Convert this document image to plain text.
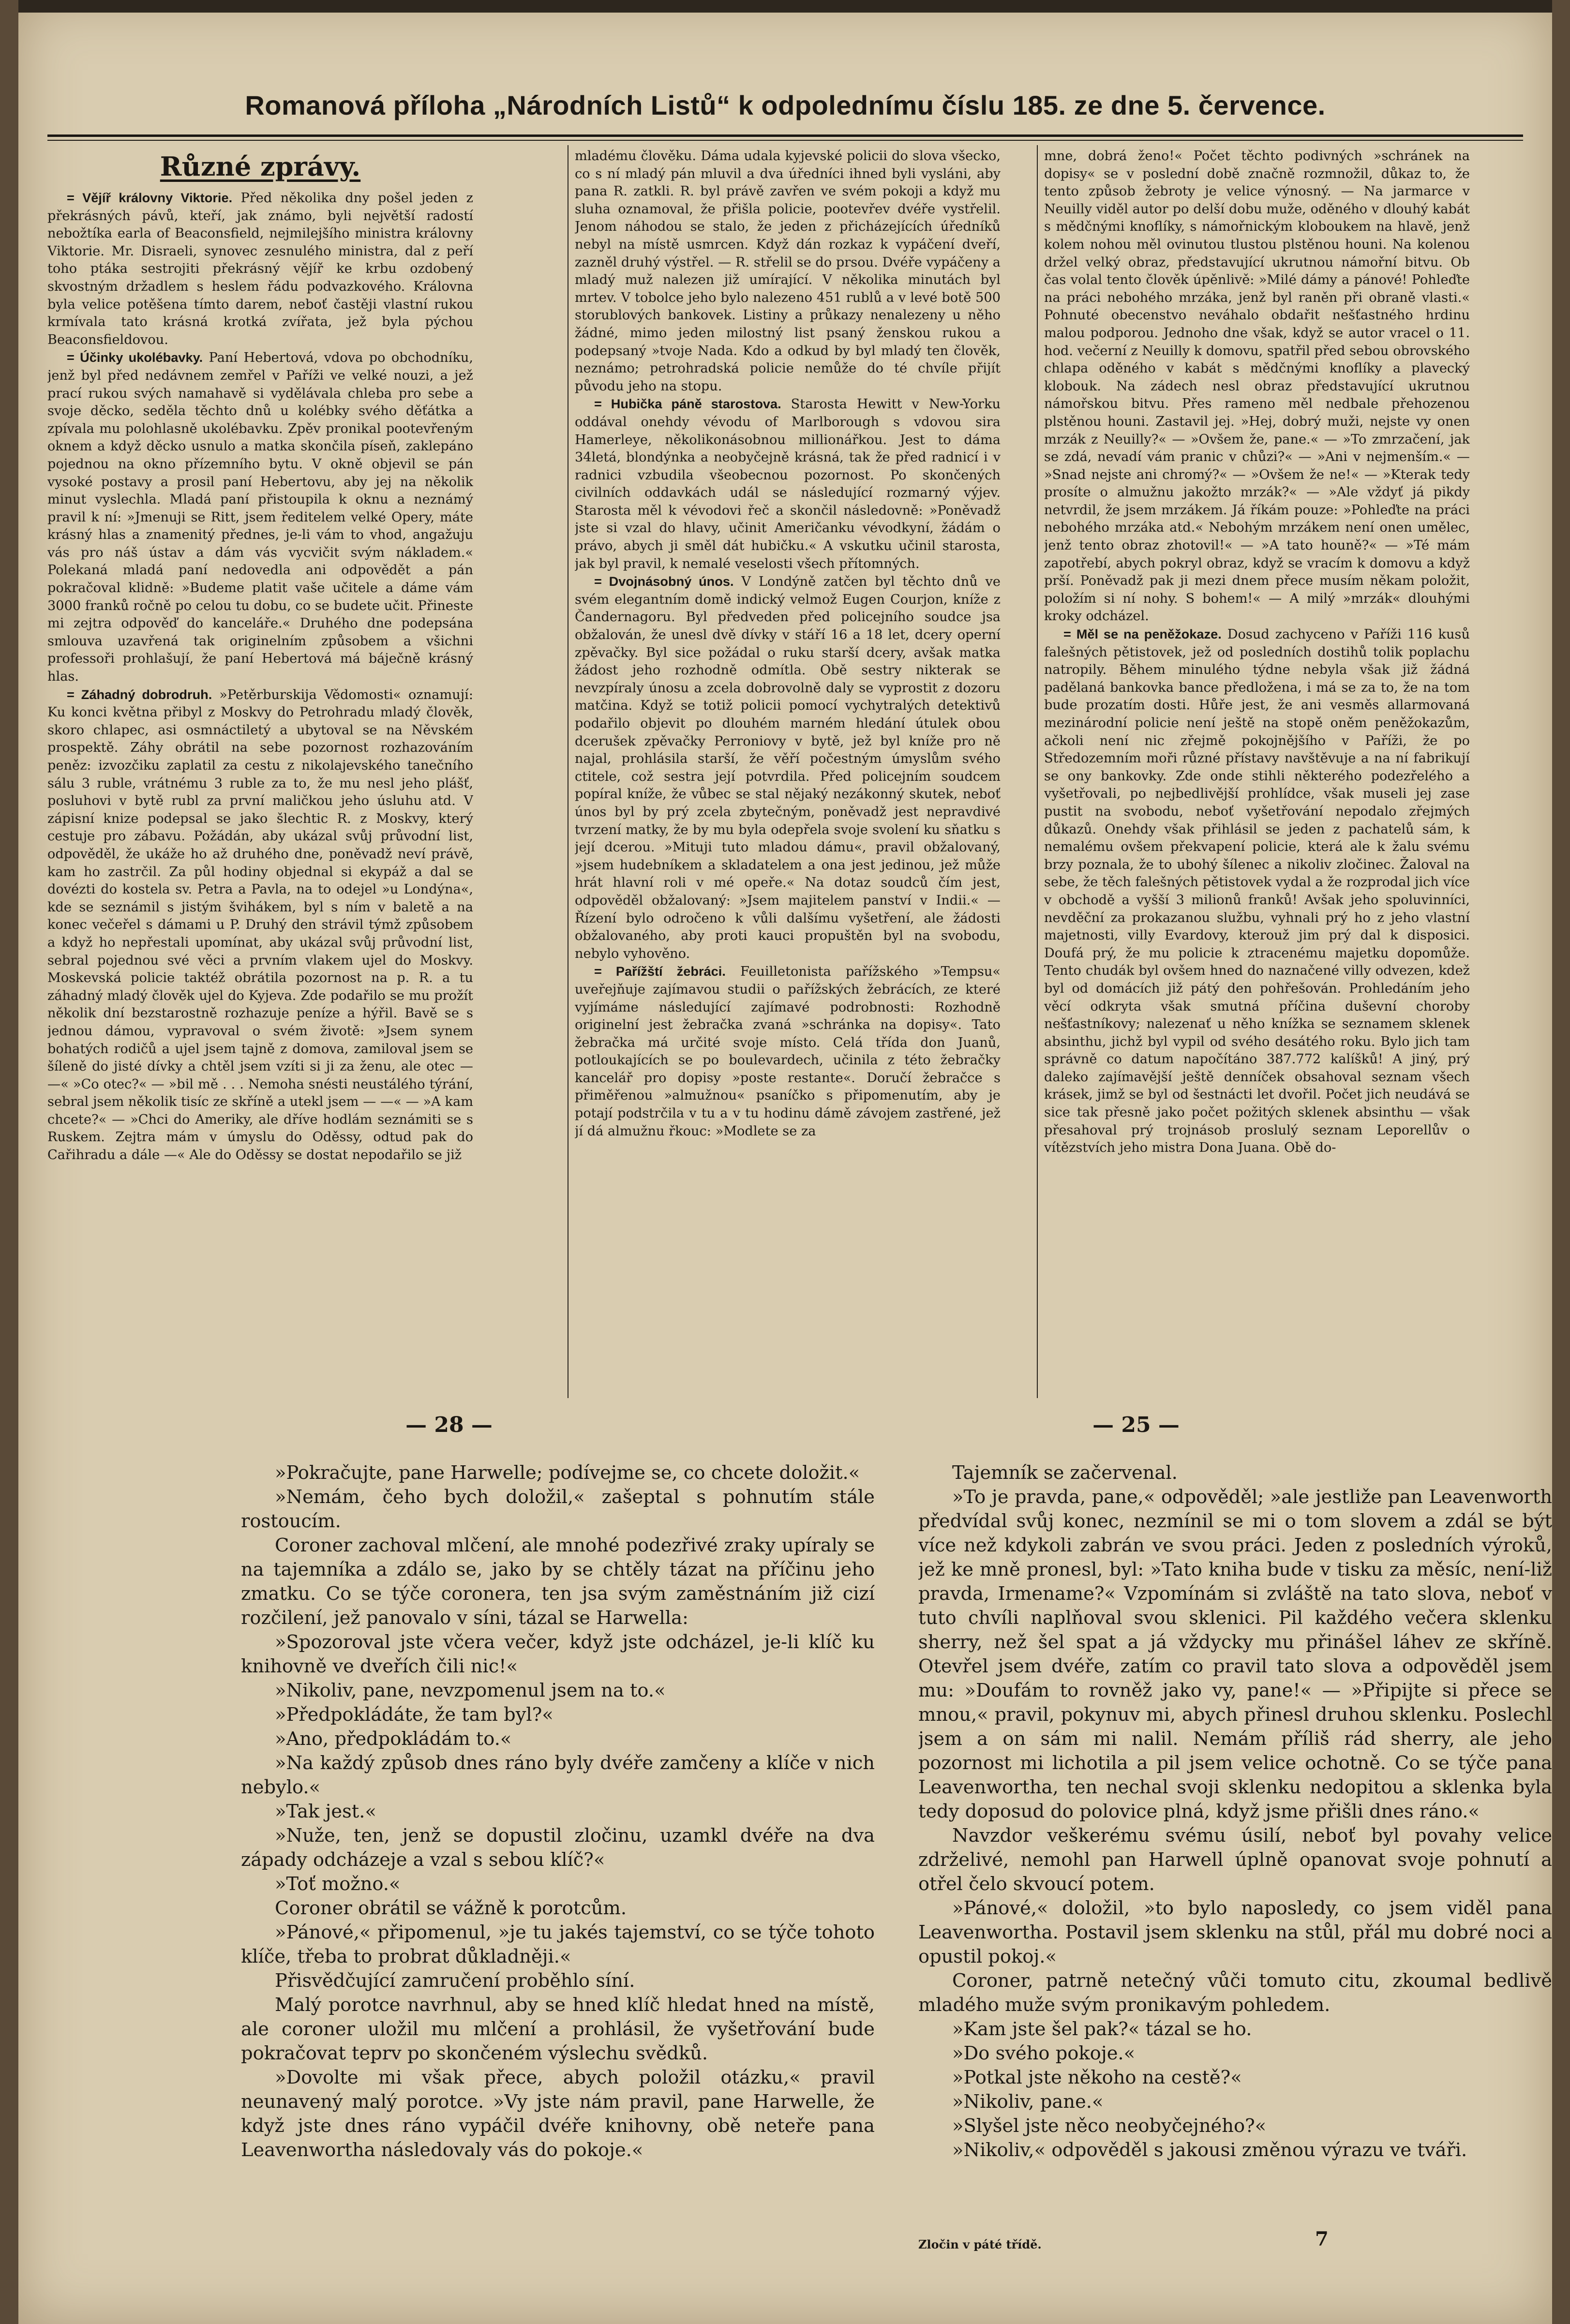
Romanová příloha „Národních Listů“ k odpolednímu číslu 185. ze dne 5. července.
Různé zprávy.

= Vějíř královny Viktorie. Před několika dny pošel jeden z překrásných pávů, kteří, jak známo, byli největší radostí nebožtíka earla of Beaconsfield, nejmilejšího ministra královny Viktorie. Mr. Disraeli, synovec zesnulého ministra, dal z peří toho ptáka sestrojiti překrásný vějíř ke krbu ozdobený skvostným držadlem s heslem řádu podvazkového. Královna byla velice potěšena tímto darem, neboť častěji vlastní rukou krmívala tato krásná krotká zvířata, jež byla pýchou Beaconsfieldovou.

= Účinky ukolébavky. Paní Hebertová, vdova po obchodníku, jenž byl před nedávnem zemřel v Paříži ve velké nouzi, a jež prací rukou svých namahavě si vydělávala chleba pro sebe a svoje děcko, seděla těchto dnů u kolébky svého děťátka a zpívala mu polohlasně ukolébavku. Zpěv pronikal pootevřeným oknem a když děcko usnulo a matka skončila píseň, zaklepáno pojednou na okno přízemního bytu. V okně objevil se pán vysoké postavy a prosil paní Hebertovu, aby jej na několik minut vyslechla. Mladá paní přistoupila k oknu a neznámý pravil k ní: »Jmenuji se Ritt, jsem ředitelem velké Opery, máte krásný hlas a znamenitý přednes, je-li vám to vhod, angažuju vás pro náš ústav a dám vás vycvičit svým nákladem.« Polekaná mladá paní nedovedla ani odpovědět a pán pokračoval klidně: »Budeme platit vaše učitele a dáme vám 3000 franků ročně po celou tu dobu, co se budete učit. Přineste mi zejtra odpověď do kanceláře.« Druhého dne podepsána smlouva uzavřená tak originelním způsobem a všichni professoři prohlašují, že paní Hebertová má báječně krásný hlas.

= Záhadný dobrodruh. »Petěrburskija Vědomosti« oznamují: Ku konci května přibyl z Moskvy do Petrohradu mladý člověk, skoro chlapec, asi osmnáctiletý a ubytoval se na Něvském prospektě. Záhy obrátil na sebe pozornost rozhazováním peněz: izvozčiku zaplatil za cestu z nikolajevského tanečního sálu 3 ruble, vrátnému 3 ruble za to, že mu nesl jeho plášť, posluhovi v bytě rubl za první maličkou jeho úsluhu atd. V zápisní knize podepsal se jako šlechtic R. z Moskvy, který cestuje pro zábavu. Požádán, aby ukázal svůj průvodní list, odpověděl, že ukáže ho až druhého dne, poněvadž neví právě, kam ho zastrčil. Za půl hodiny objednal si ekypáž a dal se dovézti do kostela sv. Petra a Pavla, na to odejel »u Londýna«, kde se seznámil s jistým švihákem, byl s ním v baletě a na konec večeřel s dámami u P. Druhý den strávil týmž způsobem a když ho nepřestali upomínat, aby ukázal svůj průvodní list, sebral pojednou své věci a prvním vlakem ujel do Moskvy. Moskevská policie taktéž obrátila pozornost na p. R. a tu záhadný mladý člověk ujel do Kyjeva. Zde podařilo se mu prožít několik dní bezstarostně rozhazuje peníze a hýřil. Bavě se s jednou dámou, vypravoval o svém životě: »Jsem synem bohatých rodičů a ujel jsem tajně z domova, zamiloval jsem se šíleně do jisté dívky a chtěl jsem vzíti si ji za ženu, ale otec — —« »Co otec?« — »bil mě . . . Nemoha snésti neustálého týrání, sebral jsem několik tisíc ze skříně a utekl jsem — —« — »A kam chcete?« — »Chci do Ameriky, ale dříve hodlám seznámiti se s Ruskem. Zejtra mám v úmyslu do Oděssy, odtud pak do Cařihradu a dále —« Ale do Oděssy se dostat nepodařilo se již

mladému člověku. Dáma udala kyjevské policii do slova všecko, co s ní mladý pán mluvil a dva úředníci ihned byli vysláni, aby pana R. zatkli. R. byl právě zavřen ve svém pokoji a když mu sluha oznamoval, že přišla policie, pootevřev dvéře vystřelil. Jenom náhodou se stalo, že jeden z přicházejících úředníků nebyl na místě usmrcen. Když dán rozkaz k vypáčení dveří, zazněl druhý výstřel. — R. střelil se do prsou. Dvéře vypáčeny a mladý muž nalezen již umírající. V několika minutách byl mrtev. V tobolce jeho bylo nalezeno 451 rublů a v levé botě 500 storublových bankovek. Listiny a průkazy nenalezeny u něho žádné, mimo jeden milostný list psaný ženskou rukou a podepsaný »tvoje Nada. Kdo a odkud by byl mladý ten člověk, neznámo; petrohradská policie nemůže do té chvíle přijít původu jeho na stopu.

= Hubička páně starostova. Starosta Hewitt v New-Yorku oddával onehdy vévodu of Marlborough s vdovou sira Hamerleye, několikonásobnou millionářkou. Jest to dáma 34letá, blondýnka a neobyčejně krásná, tak že před radnicí i v radnici vzbudila všeobecnou pozornost. Po skončených civilních oddavkách udál se následující rozmarný výjev. Starosta měl k vévodovi řeč a skončil následovně: »Poněvadž jste si vzal do hlavy, učinit Američanku vévodkyní, žádám o právo, abych ji směl dát hubičku.« A vskutku učinil starosta, jak byl pravil, k nemalé veselosti všech přítomných.

= Dvojnásobný únos. V Londýně zatčen byl těchto dnů ve svém elegantním domě indický velmož Eugen Courjon, kníže z Čandernagoru. Byl předveden před policejního soudce jsa obžalován, že unesl dvě dívky v stáří 16 a 18 let, dcery operní zpěvačky. Byl sice požádal o ruku starší dcery, avšak matka žádost jeho rozhodně odmítla. Obě sestry nikterak se nevzpíraly únosu a zcela dobrovolně daly se vyprostit z dozoru matčina. Když se totiž policii pomocí vychytralých detektivů podařilo objevit po dlouhém marném hledání útulek obou dcerušek zpěvačky Perroniovy v bytě, jež byl kníže pro ně najal, prohlásila starší, že věří počestným úmyslům svého ctitele, což sestra její potvrdila. Před policejním soudcem popíral kníže, že vůbec se stal nějaký nezákonný skutek, neboť únos byl by prý zcela zbytečným, poněvadž jest nepravdivé tvrzení matky, že by mu byla odepřela svoje svolení ku sňatku s její dcerou. »Mituji tuto mladou dámu«, pravil obžalovaný, »jsem hudebníkem a skladatelem a ona jest jedinou, jež může hrát hlavní roli v mé opeře.« Na dotaz soudců čím jest, odpověděl obžalovaný: »Jsem majitelem panství v Indii.« — Řízení bylo odročeno k vůli dalšímu vyšetření, ale žádosti obžalovaného, aby proti kauci propuštěn byl na svobodu, nebylo vyhověno.

= Pařížští žebráci. Feuilletonista pařížského »Tempsu« uveřejňuje zajímavou studii o pařížských žebrácích, ze které vyjímáme následující zajímavé podrobnosti: Rozhodně originelní jest žebračka zvaná »schránka na dopisy«. Tato žebračka má určité svoje místo. Celá třída don Juanů, potloukajících se po boulevardech, učinila z této žebračky kancelář pro dopisy »poste restante«. Doručí žebračce s přiměřenou »almužnou« psaníčko s připomenutím, aby je potají podstrčila v tu a v tu hodinu dámě závojem zastřené, jež jí dá almužnu řkouc: »Modlete se za

mne, dobrá ženo!« Počet těchto podivných »schránek na dopisy« se v poslední době značně rozmnožil, důkaz to, že tento způsob žebroty je velice výnosný. — Na jarmarce v Neuilly viděl autor po delší dobu muže, oděného v dlouhý kabát s mědčnými knoflíky, s námořnickým kloboukem na hlavě, jenž kolem nohou měl ovinutou tlustou plstěnou houni. Na kolenou držel velký obraz, představující ukrutnou námořní bitvu. Ob čas volal tento člověk úpěnlivě: »Milé dámy a pánové! Pohleďte na práci nebohého mrzáka, jenž byl raněn při obraně vlasti.« Pohnuté obecenstvo neváhalo obdařit nešťastného hrdinu malou podporou. Jednoho dne však, když se autor vracel o 11. hod. večerní z Neuilly k domovu, spatřil před sebou obrovského chlapa oděného v kabát s mědčnými knoflíky a plavecký klobouk. Na zádech nesl obraz představující ukrutnou námořskou bitvu. Přes rameno měl nedbale přehozenou plstěnou houni. Zastavil jej. »Hej, dobrý muži, nejste vy onen mrzák z Neuilly?« — »Ovšem že, pane.« — »To zmrzačení, jak se zdá, nevadí vám pranic v chůzi?« — »Ani v nejmenším.« — »Snad nejste ani chromý?« — »Ovšem že ne!« — »Kterak tedy prosíte o almužnu jakožto mrzák?« — »Ale vždyť já pikdy netvrdil, že jsem mrzákem. Já říkám pouze: »Pohleďte na práci nebohého mrzáka atd.« Nebohým mrzákem není onen umělec, jenž tento obraz zhotovil!« — »A tato houně?« — »Té mám zapotřebí, abych pokryl obraz, když se vracím k domovu a když prší. Poněvadž pak ji mezi dnem přece musím někam položit, položím si ní nohy. S bohem!« — A milý »mrzák« dlouhými kroky odcházel.

= Měl se na peněžokaze. Dosud zachyceno v Paříži 116 kusů falešných pětistovek, jež od posledních dostihů tolik poplachu natropily. Během minulého týdne nebyla však již žádná padělaná bankovka bance předložena, i má se za to, že na tom bude prozatím dosti. Hůře jest, že ani vesměs allarmovaná mezinárodní policie není ještě na stopě oněm peněžokazům, ačkoli není nic zřejmě pokojnějšího v Paříži, že po Středozemním moři různé přístavy navštěvuje a na ní fabrikují se ony bankovky. Zde onde stihli některého podezřelého a vyšetřovali, po nejbedlivější prohlídce, však museli jej zase pustit na svobodu, neboť vyšetřování nepodalo zřejmých důkazů. Onehdy však přihlásil se jeden z pachatelů sám, k nemalému ovšem překvapení policie, která ale k žalu svému brzy poznala, že to ubohý šílenec a nikoliv zločinec. Žaloval na sebe, že těch falešných pětistovek vydal a že rozprodal jich více v obchodě a vyšší 3 milionů franků! Avšak jeho spoluvinníci, nevděční za prokazanou službu, vyhnali prý ho z jeho vlastní majetnosti, villy Evardovy, kterouž jim prý dal k disposici. Doufá prý, že mu policie k ztracenému majetku dopomůže. Tento chudák byl ovšem hned do naznačené villy odvezen, kdež byl od domácích již pátý den pohřešován. Prohledáním jeho věcí odkryta však smutná příčina duševní choroby nešťastníkovy; nalezenať u něho knížka se seznamem sklenek absinthu, jichž byl vypil od svého desátého roku. Bylo jich tam správně co datum napočítáno 387.772 kalíšků! A jiný, prý daleko zajímavější ještě denníček obsahoval seznam všech krásek, jimž se byl od šestnácti let dvořil. Počet jich neudává se sice tak přesně jako počet požitých sklenek absinthu — však přesahoval prý trojnásob proslulý seznam Leporellův o vítězstvích jeho mistra Dona Juana. Obě do-

— 28 —	— 25 —

»Pokračujte, pane Harwelle; podívejme se, co chcete doložit.«

»Nemám, čeho bych doložil,« zašeptal s pohnutím stále rostoucím.

Coroner zachoval mlčení, ale mnohé podezřivé zraky upíraly se na tajemníka a zdálo se, jako by se chtěly tázat na příčinu jeho zmatku. Co se týče coronera, ten jsa svým zaměstnáním již cizí rozčilení, jež panovalo v síni, tázal se Harwella:

»Spozoroval jste včera večer, když jste odcházel, je-li klíč ku knihovně ve dveřích čili nic!«

»Nikoliv, pane, nevzpomenul jsem na to.«

»Předpokládáte, že tam byl?«

»Ano, předpokládám to.«

»Na každý způsob dnes ráno byly dvéře zamčeny a klíče v nich nebylo.«

»Tak jest.«

»Nuže, ten, jenž se dopustil zločinu, uzamkl dvéře na dva západy odcházeje a vzal s sebou klíč?«

»Toť možno.«

Coroner obrátil se vážně k porotcům.

»Pánové,« připomenul, »je tu jakés tajemství, co se týče tohoto klíče, třeba to probrat důkladněji.«

Přisvědčující zamručení proběhlo síní.

Malý porotce navrhnul, aby se hned klíč hledat hned na místě, ale coroner uložil mu mlčení a prohlásil, že vyšetřování bude pokračovat teprv po skončeném výslechu svědků.

»Dovolte mi však přece, abych položil otázku,« pravil neunavený malý porotce. »Vy jste nám pravil, pane Harwelle, že když jste dnes ráno vypáčil dvéře knihovny, obě neteře pana Leavenwortha následovaly vás do pokoje.«

Tajemník se začervenal.

»To je pravda, pane,« odpověděl; »ale jestliže pan Leavenworth předvídal svůj konec, nezmínil se mi o tom slovem a zdál se být více než kdykoli zabrán ve svou práci. Jeden z posledních výroků, jež ke mně pronesl, byl: »Tato kniha bude v tisku za měsíc, není-liž pravda, Irmename?« Vzpomínám si zvláště na tato slova, neboť v tuto chvíli naplňoval svou sklenici. Pil každého večera sklenku sherry, než šel spat a já vždycky mu přinášel láhev ze skříně. Otevřel jsem dvéře, zatím co pravil tato slova a odpověděl jsem mu: »Doufám to rovněž jako vy, pane!« — »Připijte si přece se mnou,« pravil, pokynuv mi, abych přinesl druhou sklenku. Poslechl jsem a on sám mi nalil. Nemám příliš rád sherry, ale jeho pozornost mi lichotila a pil jsem velice ochotně. Co se týče pana Leavenwortha, ten nechal svoji sklenku nedopitou a sklenka byla tedy doposud do polovice plná, když jsme přišli dnes ráno.«

Navzdor veškerému svému úsilí, neboť byl povahy velice zdrželivé, nemohl pan Harwell úplně opanovat svoje pohnutí a otřel čelo skvoucí potem.

»Pánové,« doložil, »to bylo naposledy, co jsem viděl pana Leavenwortha. Postavil jsem sklenku na stůl, přál mu dobré noci a opustil pokoj.«

Coroner, patrně netečný vůči tomuto citu, zkoumal bedlivě mladého muže svým pronikavým pohledem.

»Kam jste šel pak?« tázal se ho.

»Do svého pokoje.«

»Potkal jste někoho na cestě?«

»Nikoliv, pane.«

»Slyšel jste něco neobyčejného?«

»Nikoliv,« odpověděl s jakousi změnou výrazu ve tváři.

Zločin v páté třídě.	7
